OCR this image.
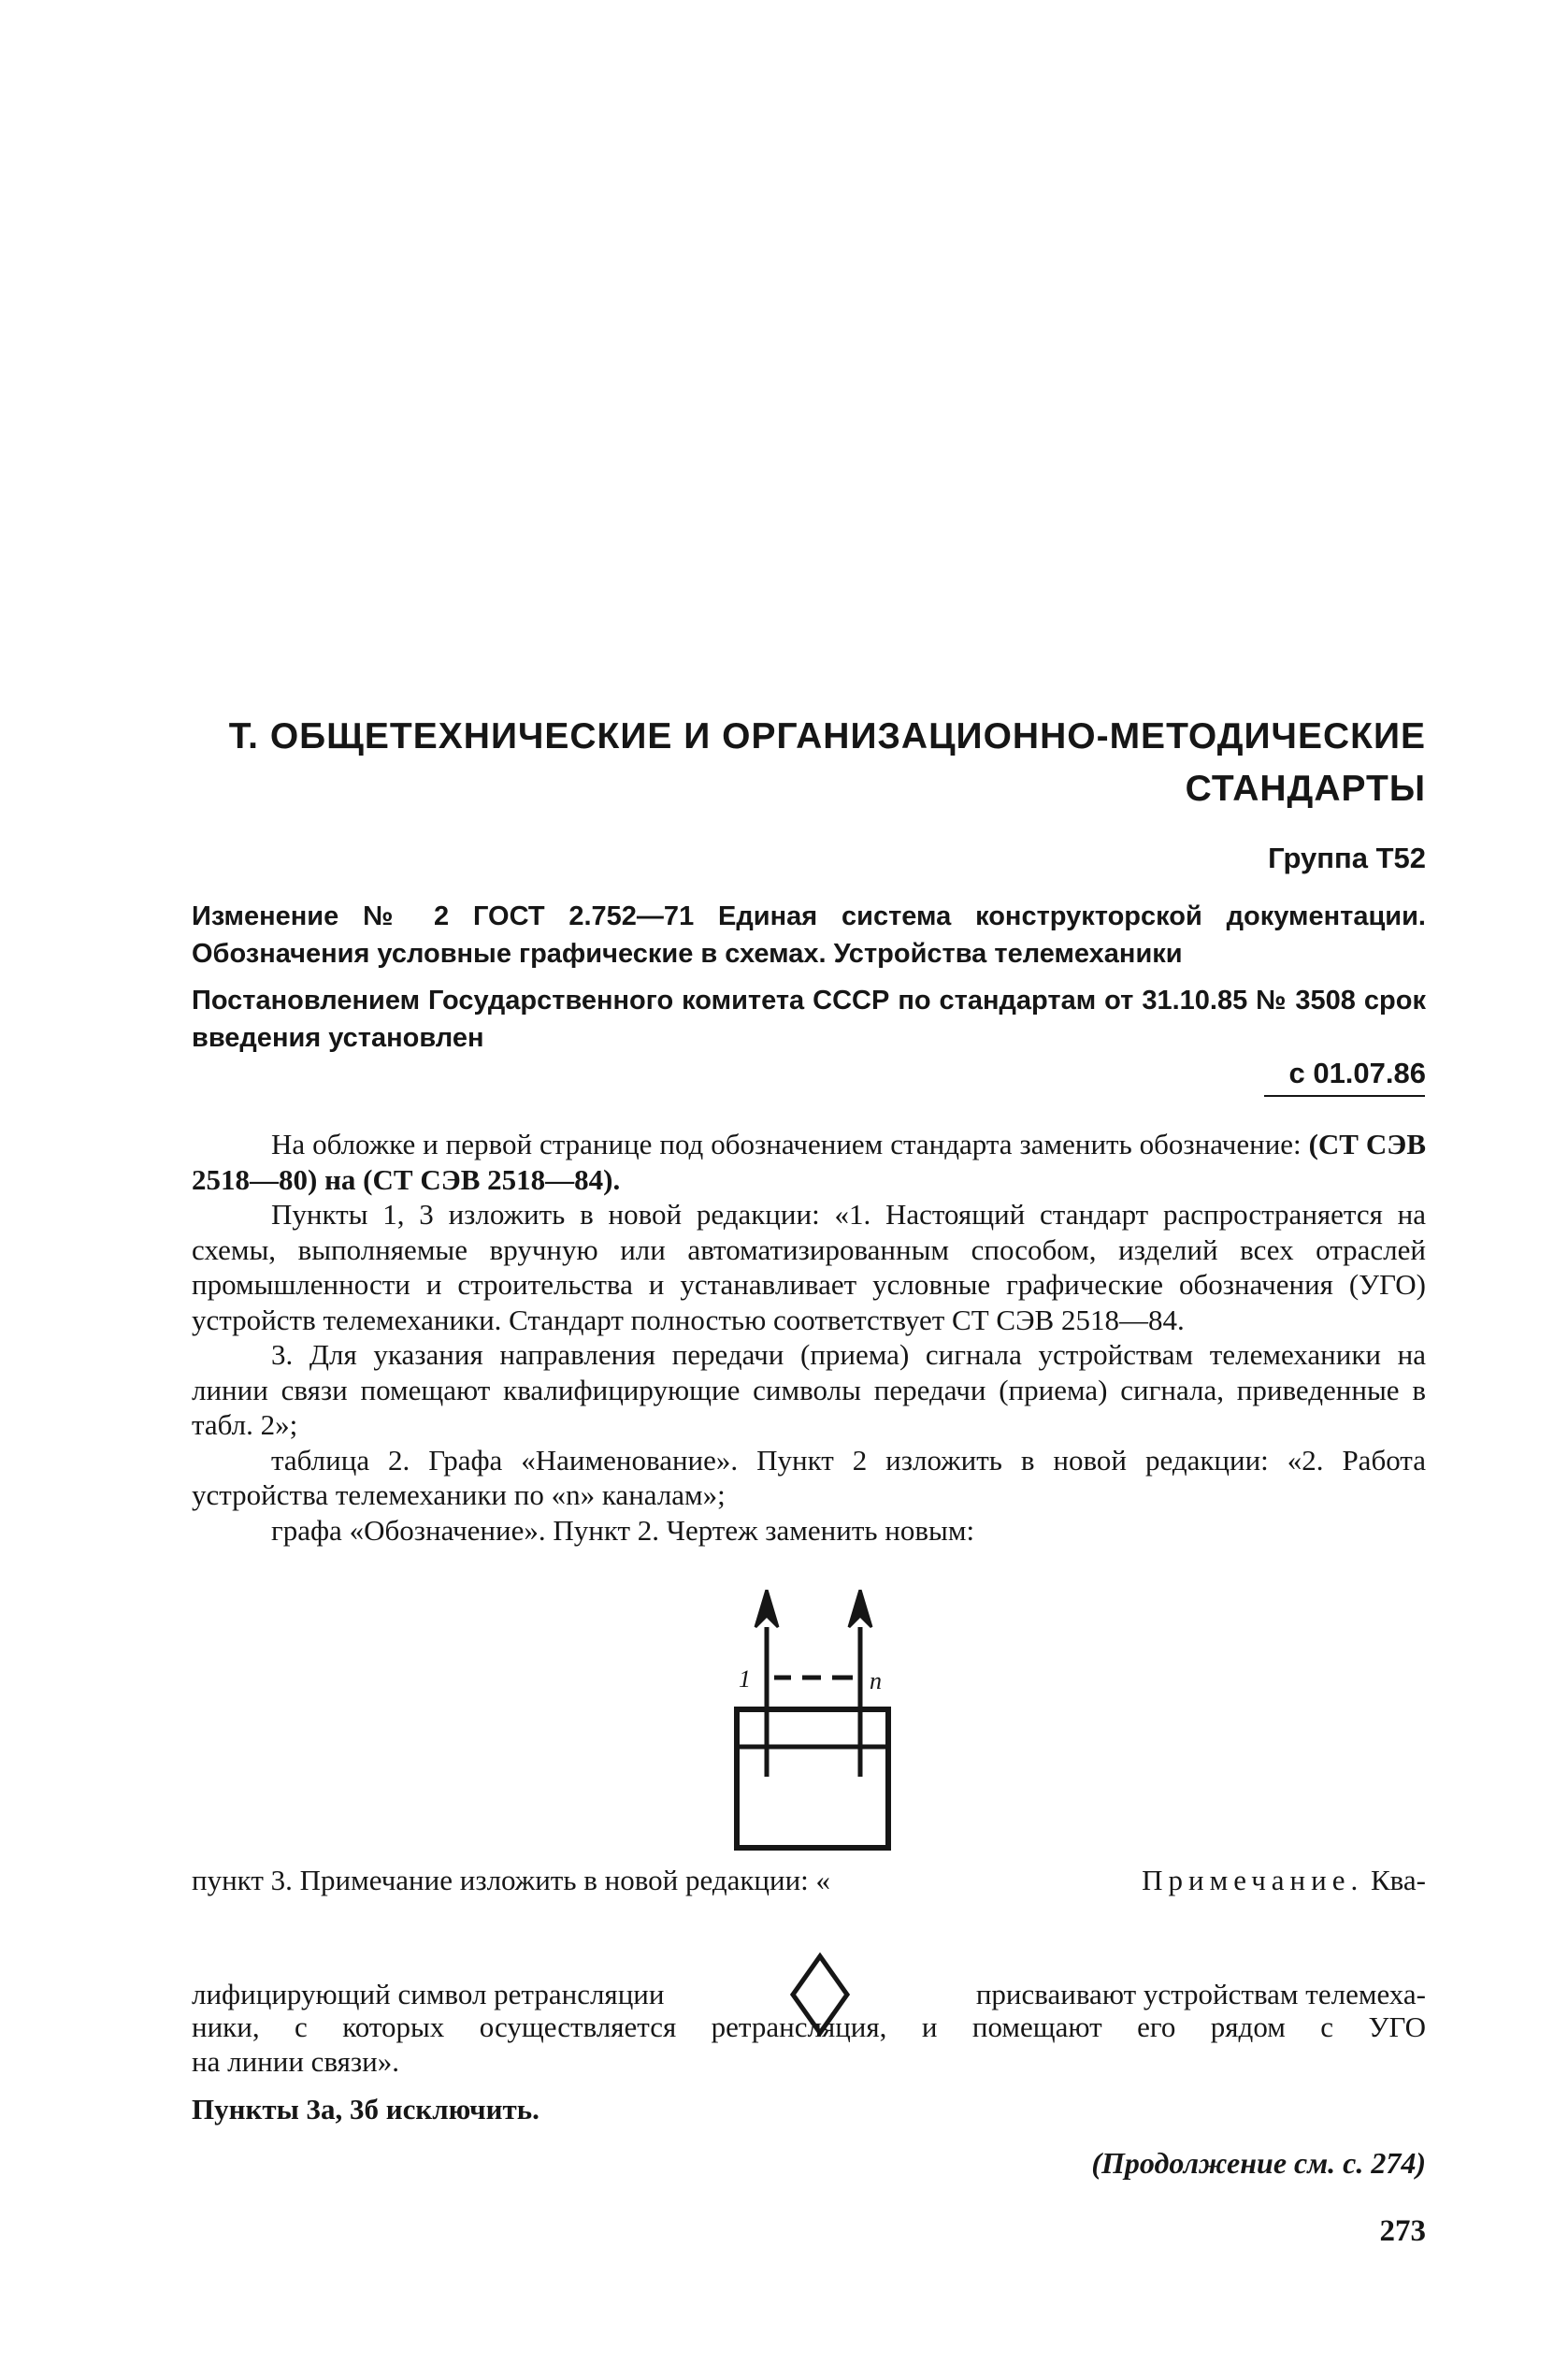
Т. ОБЩЕТЕХНИЧЕСКИЕ И ОРГАНИЗАЦИОННО-МЕТОДИЧЕСКИЕ
СТАНДАРТЫ
Группа Т52
Изменение № 2 ГОСТ 2.752—71 Единая система конструкторской документации. Обозначения условные графические в схемах. Устройства телемеханики
Постановлением Государственного комитета СССР по стандартам от 31.10.85 № 3508 срок введения установлен
с 01.07.86

На обложке и первой странице под обозначением стандарта заменить обозначение: (СТ СЭВ 2518—80) на (СТ СЭВ 2518—84).

Пункты 1, 3 изложить в новой редакции: «1. Настоящий стандарт распространяется на схемы, выполняемые вручную или автоматизированным способом, изделий всех отраслей промышленности и строительства и устанавливает условные графические обозначения (УГО) устройств телемеханики. Стандарт полностью соответствует СТ СЭВ 2518—84.

3. Для указания направления передачи (приема) сигнала устройствам телемеханики на линии связи помещают квалифицирующие символы передачи (приема) сигнала, приведенные в табл. 2»;

таблица 2. Графа «Наименование». Пункт 2 изложить в новой редакции: «2. Работа устройства телемеханики по «n» каналам»;

графа «Обозначение». Пункт 2. Чертеж заменить новым:

1	n
пункт 3. Примечание изложить в новой редакции: «	Примечание. Ква-
лифицирующий символ ретрансляции	присваивают устройствам телемеха-
ники, с которых осуществляется ретрансляция, и помещают его рядом с УГО
на линии связи».
Пункты 3а, 3б исключить.
(Продолжение см. с. 274)
273
